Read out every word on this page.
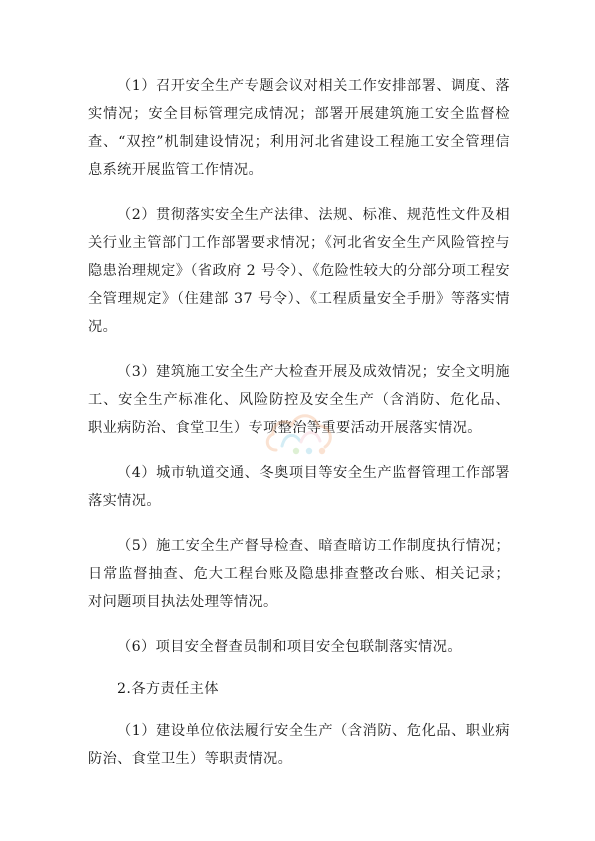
（1）召开安全生产专题会议对相关工作安排部署、调度、落实情况；安全目标管理完成情况；部署开展建筑施工安全监督检查、“双控”机制建设情况；利用河北省建设工程施工安全管理信息系统开展监管工作情况。

（2）贯彻落实安全生产法律、法规、标准、规范性文件及相关行业主管部门工作部署要求情况；《河北省安全生产风险管控与隐患治理规定》（省政府 2 号令）、《危险性较大的分部分项工程安全管理规定》（住建部 37 号令）、《工程质量安全手册》等落实情况。

（3）建筑施工安全生产大检查开展及成效情况；安全文明施工、安全生产标准化、风险防控及安全生产（含消防、危化品、职业病防治、食堂卫生）专项整治等重要活动开展落实情况。

（4）城市轨道交通、冬奥项目等安全生产监督管理工作部署落实情况。

（5）施工安全生产督导检查、暗查暗访工作制度执行情况；日常监督抽查、危大工程台账及隐患排查整改台账、相关记录；对问题项目执法处理等情况。

（6）项目安全督查员制和项目安全包联制落实情况。

2.各方责任主体

（1）建设单位依法履行安全生产（含消防、危化品、职业病防治、食堂卫生）等职责情况。
